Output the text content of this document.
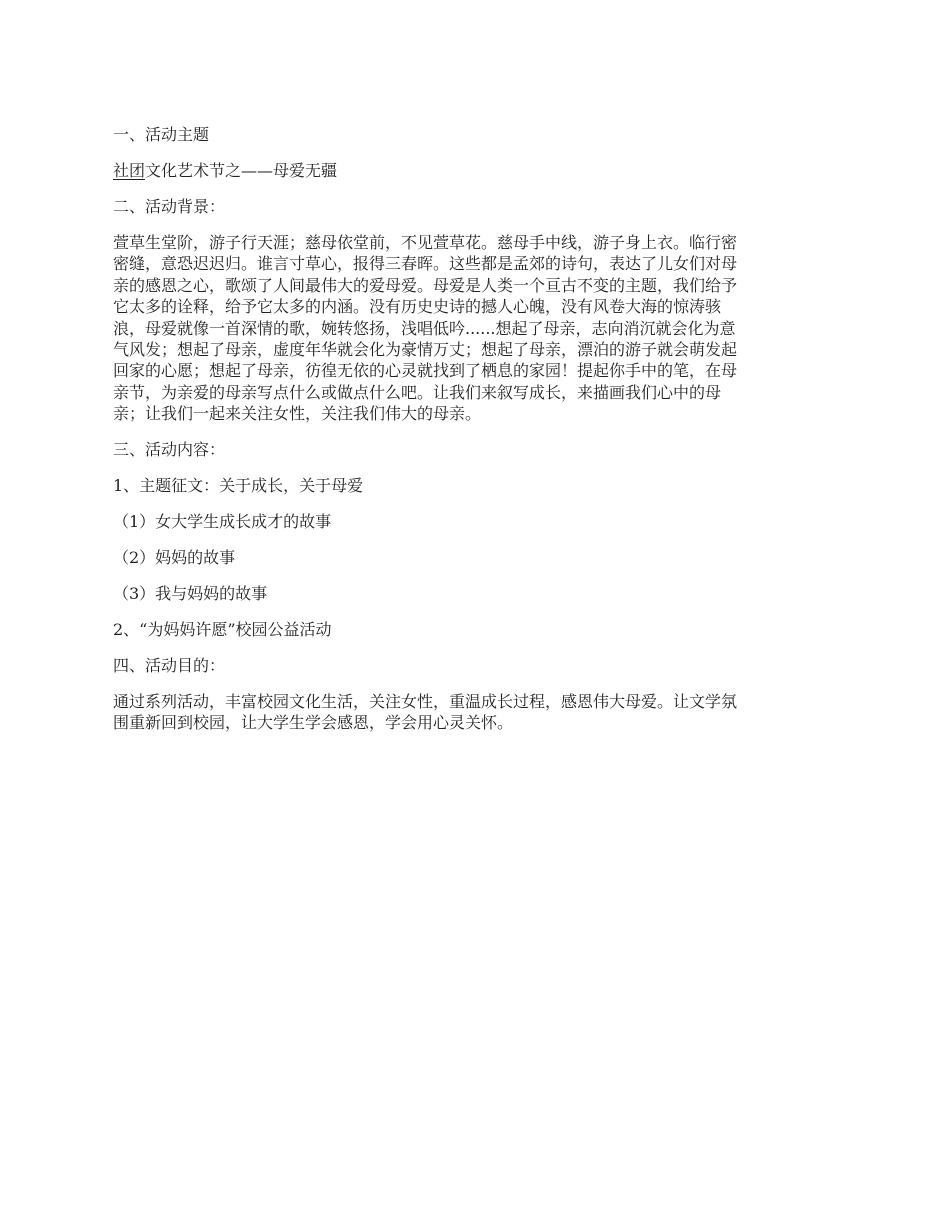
一、活动主题

社团文化艺术节之——母爱无疆

二、活动背景：

萱草生堂阶，游子行天涯；慈母依堂前，不见萱草花。慈母手中线，游子身上衣。临行密

密缝，意恐迟迟归。谁言寸草心，报得三春晖。这些都是孟郊的诗句，表达了儿女们对母

亲的感恩之心，歌颂了人间最伟大的爱母爱。母爱是人类一个亘古不变的主题，我们给予

它太多的诠释，给予它太多的内涵。没有历史史诗的撼人心魄，没有风卷大海的惊涛骇

浪，母爱就像一首深情的歌，婉转悠扬，浅唱低吟......想起了母亲，志向消沉就会化为意

气风发；想起了母亲，虚度年华就会化为豪情万丈；想起了母亲，漂泊的游子就会萌发起

回家的心愿；想起了母亲，彷徨无依的心灵就找到了栖息的家园！提起你手中的笔，在母

亲节，为亲爱的母亲写点什么或做点什么吧。让我们来叙写成长，来描画我们心中的母

亲；让我们一起来关注女性，关注我们伟大的母亲。

三、活动内容：

1、主题征文：关于成长，关于母爱

（1）女大学生成长成才的故事

（2）妈妈的故事

（3）我与妈妈的故事

2、“为妈妈许愿”校园公益活动

四、活动目的：

通过系列活动，丰富校园文化生活，关注女性，重温成长过程，感恩伟大母爱。让文学氛

围重新回到校园，让大学生学会感恩，学会用心灵关怀。
